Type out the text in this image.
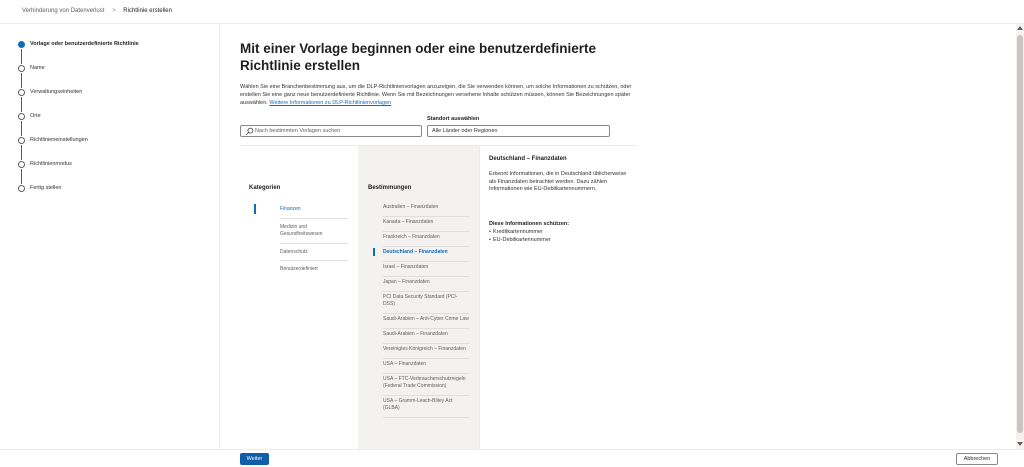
Verhinderung von Datenverlust > Richtlinie erstellen
Vorlage oder benutzerdefinierte Richtlinie
Name
Verwaltungseinheiten
Orte
Richtlinieneinstellungen
Richtlinienmodus
Fertig stellen
Mit einer Vorlage beginnen oder eine benutzerdefinierte Richtlinie erstellen

Wählen Sie eine Branchenbestimmung aus, um die DLP-Richtlinienvorlagen anzuzeigen, die Sie verwenden können, um solche Informationen zu schützen, oder erstellen Sie eine ganz neue benutzerdefinierte Richtlinie. Wenn Sie mit Bezeichnungen versehene Inhalte schützen müssen, können Sie Bezeichnungen später auswählen. Weitere Informationen zu DLP-Richtlinienvorlagen

Nach bestimmten Vorlagen suchen
Standort auswählen
Alle Länder oder Regionen
Kategorien
Finanzen
Medizin und Gesundheitswesen
Datenschutz
Benutzerdefiniert
Bestimmungen
Australien – Finanzdaten
Kanada – Finanzdaten
Frankreich – Finanzdaten
Deutschland – Finanzdaten
Israel – Finanzdaten
Japan – Finanzdaten
PCI Data Security Standard (PCI-DSS)
Saudi-Arabien – Anti-Cyber Crime Law
Saudi-Arabien – Finanzdaten
Vereinigtes Königreich – Finanzdaten
USA – Finanzdaten
USA – FTC-Verbraucherschutzregeln (Federal Trade Commission)
USA – Gramm-Leach-Bliley Act (GLBA)
Deutschland – Finanzdaten
Erkennt Informationen, die in Deutschland üblicherweise als Finanzdaten betrachtet werden. Dazu zählen Informationen wie EU-Debitkartennummern.
Diese Informationen schützen:
• Kreditkartennummer
• EU-Debitkartennummer
Weiter	Abbrechen
